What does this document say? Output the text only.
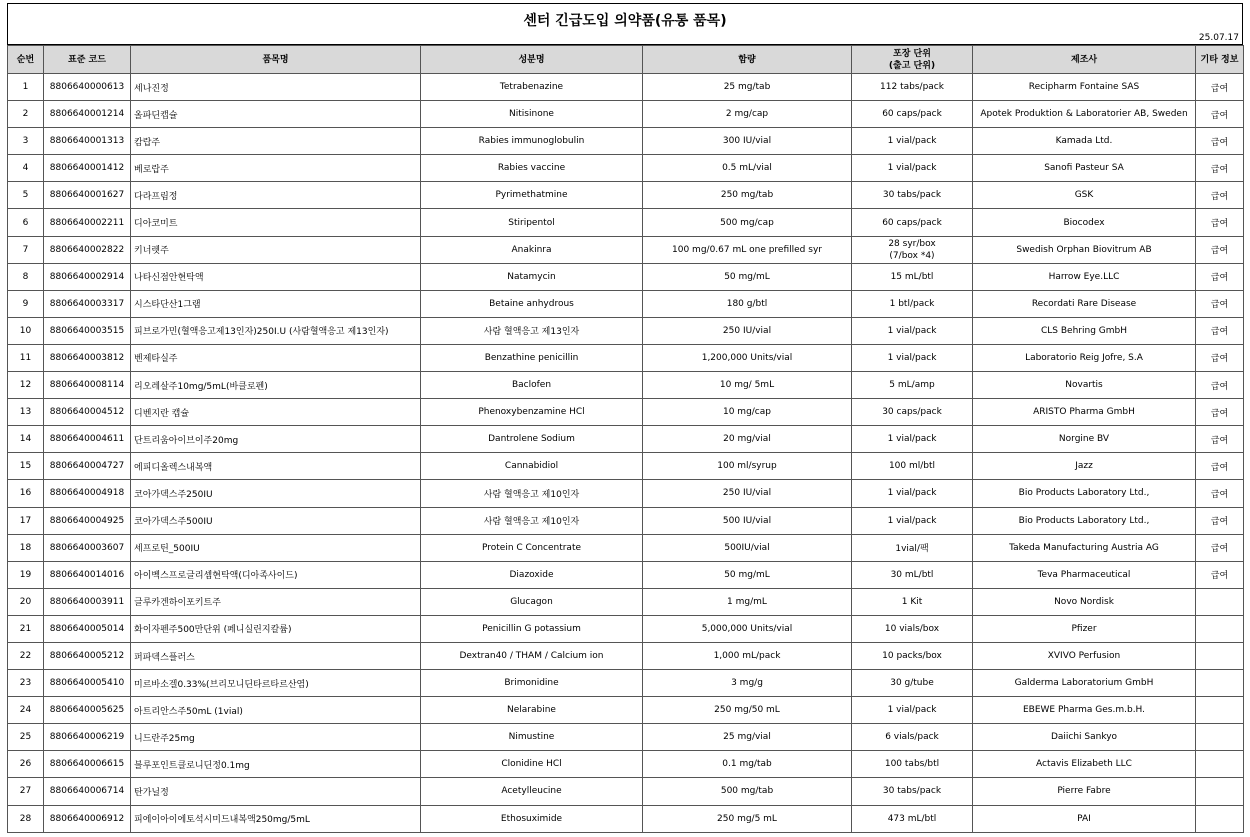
센터 긴급도입 의약품(유통 품목)
25.07.17
순번	표준 코드	품목명	성분명	함량	포장 단위
(출고 단위)	제조사	기타 정보
1	8806640000613	세나진정	Tetrabenazine	25 mg/tab	112 tabs/pack	Recipharm Fontaine SAS	급여
2	8806640001214	올파딘캡슐	Nitisinone	2 mg/cap	60 caps/pack	Apotek Produktion & Laboratorier AB, Sweden	급여
3	8806640001313	캄랍주	Rabies immunoglobulin	300 IU/vial	1 vial/pack	Kamada Ltd.	급여
4	8806640001412	베로랍주	Rabies vaccine	0.5 mL/vial	1 vial/pack	Sanofi Pasteur SA	급여
5	8806640001627	다라프림정	Pyrimethatmine	250 mg/tab	30 tabs/pack	GSK	급여
6	8806640002211	디아코미트	Stiripentol	500 mg/cap	60 caps/pack	Biocodex	급여
7	8806640002822	키너렛주	Anakinra	100 mg/0.67 mL one prefilled syr	28 syr/box
(7/box *4)	Swedish Orphan Biovitrum AB	급여
8	8806640002914	나타신점안현탁액	Natamycin	50 mg/mL	15 mL/btl	Harrow Eye.LLC	급여
9	8806640003317	시스타단산1그램	Betaine anhydrous	180 g/btl	1 btl/pack	Recordati Rare Disease	급여
10	8806640003515	피브로가민(혈액응고제13인자)250I.U (사람혈액응고 제13인자)	사람 혈액응고 제13인자	250 IU/vial	1 vial/pack	CLS Behring GmbH	급여
11	8806640003812	벤제타실주	Benzathine penicillin	1,200,000 Units/vial	1 vial/pack	Laboratorio Reig Jofre, S.A	급여
12	8806640008114	리오레살주10mg/5mL(바클로펜)	Baclofen	10 mg/ 5mL	5 mL/amp	Novartis	급여
13	8806640004512	디벤지란 캡슐	Phenoxybenzamine HCl	10 mg/cap	30 caps/pack	ARISTO Pharma GmbH	급여
14	8806640004611	단트리움아이브이주20mg	Dantrolene Sodium	20 mg/vial	1 vial/pack	Norgine BV	급여
15	8806640004727	에피디올렉스내복액	Cannabidiol	100 ml/syrup	100 ml/btl	Jazz	급여
16	8806640004918	코아가덱스주250IU	사람 혈액응고 제10인자	250 IU/vial	1 vial/pack	Bio Products Laboratory Ltd.,	급여
17	8806640004925	코아가덱스주500IU	사람 혈액응고 제10인자	500 IU/vial	1 vial/pack	Bio Products Laboratory Ltd.,	급여
18	8806640003607	세프로틴_500IU	Protein C Concentrate	500IU/vial	1vial/팩	Takeda Manufacturing Austria AG	급여
19	8806640014016	아이벡스프로글리셈현탁액(디아족사이드)	Diazoxide	50 mg/mL	30 mL/btl	Teva Pharmaceutical	급여
20	8806640003911	글루카겐하이포키트주	Glucagon	1 mg/mL	1 Kit	Novo Nordisk	
21	8806640005014	화이자펜주500만단위 (페니실린지칼륨)	Penicillin G potassium	5,000,000 Units/vial	10 vials/box	Pfizer	
22	8806640005212	퍼파덱스플러스	Dextran40 / THAM / Calcium ion	1,000 mL/pack	10 packs/box	XVIVO Perfusion	
23	8806640005410	미르바소겔0.33%(브리모니딘타르타르산염)	Brimonidine	3 mg/g	30 g/tube	Galderma Laboratorium GmbH	
24	8806640005625	아트리안스주50mL (1vial)	Nelarabine	250 mg/50 mL	1 vial/pack	EBEWE Pharma Ges.m.b.H.	
25	8806640006219	니드란주25mg	Nimustine	25 mg/vial	6 vials/pack	Daiichi Sankyo	
26	8806640006615	블루포인트클로니딘정0.1mg	Clonidine HCl	0.1 mg/tab	100 tabs/btl	Actavis Elizabeth LLC	
27	8806640006714	탄가닐정	Acetylleucine	500 mg/tab	30 tabs/pack	Pierre Fabre	
28	8806640006912	피에이아이에토석시미드내복액250mg/5mL	Ethosuximide	250 mg/5 mL	473 mL/btl	PAI	
